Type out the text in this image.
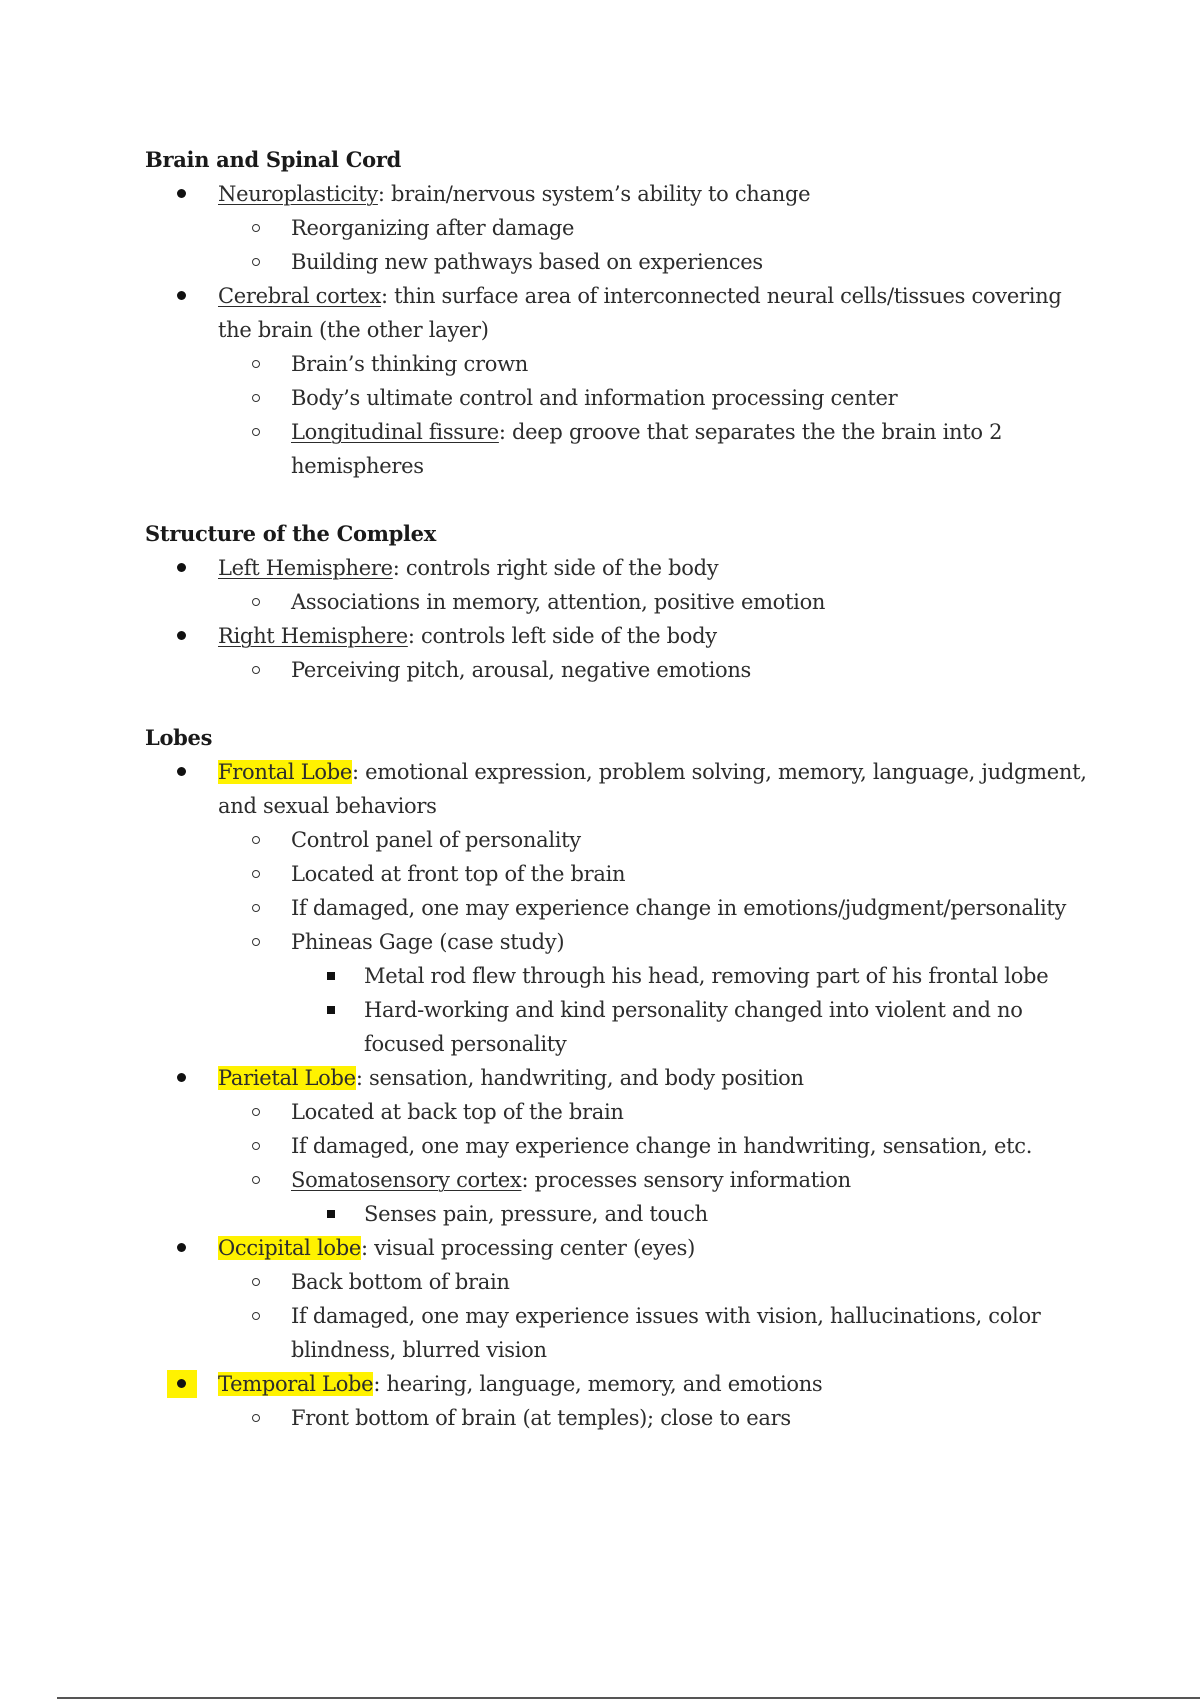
Brain and Spinal Cord

Neuroplasticity: brain/nervous system’s ability to change
Reorganizing after damage
Building new pathways based on experiences
Cerebral cortex: thin surface area of interconnected neural cells/tissues covering the brain (the other layer)
Brain’s thinking crown
Body’s ultimate control and information processing center
Longitudinal fissure: deep groove that separates the the brain into 2 hemispheres

Structure of the Complex

Left Hemisphere: controls right side of the body
Associations in memory, attention, positive emotion
Right Hemisphere: controls left side of the body
Perceiving pitch, arousal, negative emotions

Lobes

Frontal Lobe: emotional expression, problem solving, memory, language, judgment, and sexual behaviors
Control panel of personality
Located at front top of the brain
If damaged, one may experience change in emotions/judgment/personality
Phineas Gage (case study)
Metal rod flew through his head, removing part of his frontal lobe
Hard-working and kind personality changed into violent and no focused personality
Parietal Lobe: sensation, handwriting, and body position
Located at back top of the brain
If damaged, one may experience change in handwriting, sensation, etc.
Somatosensory cortex: processes sensory information
Senses pain, pressure, and touch
Occipital lobe: visual processing center (eyes)
Back bottom of brain
If damaged, one may experience issues with vision, hallucinations, color blindness, blurred vision
Temporal Lobe: hearing, language, memory, and emotions
Front bottom of brain (at temples); close to ears
